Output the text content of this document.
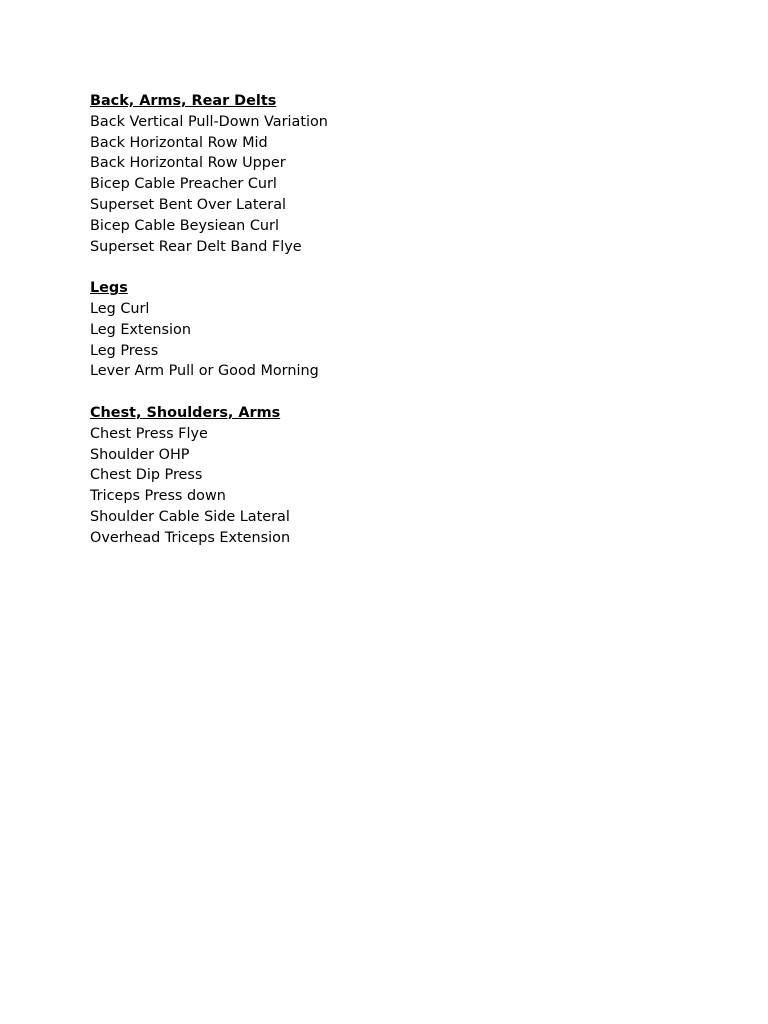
Back, Arms, Rear Delts
Back Vertical Pull-Down Variation
Back Horizontal Row Mid
Back Horizontal Row Upper
Bicep Cable Preacher Curl
Superset Bent Over Lateral
Bicep Cable Beysiean Curl
Superset Rear Delt Band Flye
Legs
Leg Curl
Leg Extension
Leg Press
Lever Arm Pull or Good Morning
Chest, Shoulders, Arms
Chest Press Flye
Shoulder OHP
Chest Dip Press
Triceps Press down
Shoulder Cable Side Lateral
Overhead Triceps Extension
